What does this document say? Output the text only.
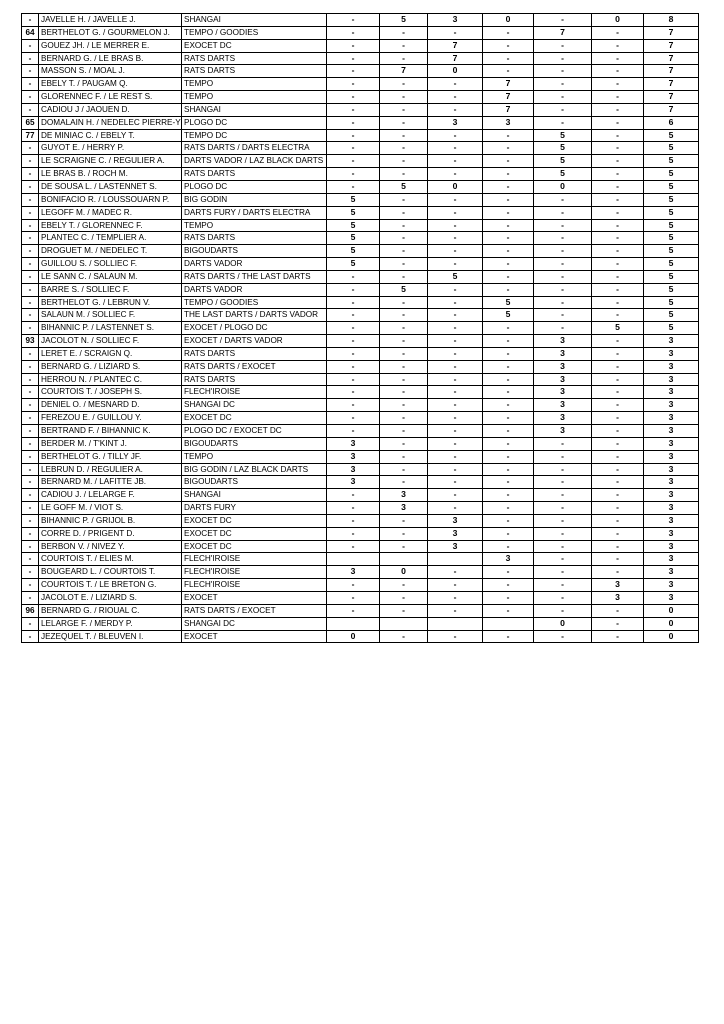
-	JAVELLE H. / JAVELLE J.	SHANGAI	-	5	3	0	-	0	8
64	BERTHELOT G. / GOURMELON J.	TEMPO / GOODIES	-	-	-	-	7	-	7
-	GOUEZ JH. / LE MERRER E.	EXOCET DC	-	-	7	-	-	-	7
-	BERNARD G. / LE BRAS B.	RATS DARTS	-	-	7	-	-	-	7
-	MASSON S. / MOAL J.	RATS DARTS	-	7	0	-	-	-	7
-	EBELY T. / PAUGAM Q.	TEMPO	-	-	-	7	-	-	7
-	GLORENNEC F. / LE REST S.	TEMPO	-	-	-	7	-	-	7
-	CADIOU J / JAOUEN D.	SHANGAI	-	-	-	7	-	-	7
65	DOMALAIN H. / NEDELEC PIERRE-Y	PLOGO DC	-	-	3	3	-	-	6
77	DE MINIAC C. / EBELY T.	TEMPO DC	-	-	-	-	5	-	5
-	GUYOT E. / HERRY P.	RATS DARTS / DARTS ELECTRA	-	-	-	-	5	-	5
-	LE SCRAIGNE C. / REGULIER A.	DARTS VADOR / LAZ BLACK DARTS	-	-	-	-	5	-	5
-	LE BRAS B. / ROCH M.	RATS DARTS	-	-	-	-	5	-	5
-	DE SOUSA L. / LASTENNET S.	PLOGO DC	-	5	0	-	0	-	5
-	BONIFACIO R. / LOUSSOUARN P.	BIG GODIN	5	-	-	-	-	-	5
-	LEGOFF M. / MADEC R.	DARTS FURY / DARTS ELECTRA	5	-	-	-	-	-	5
-	EBELY T. / GLORENNEC F.	TEMPO	5	-	-	-	-	-	5
-	PLANTEC C. / TEMPLIER A.	RATS DARTS	5	-	-	-	-	-	5
-	DROGUET M. / NEDELEC T.	BIGOUDARTS	5	-	-	-	-	-	5
-	GUILLOU S. / SOLLIEC F.	DARTS VADOR	5	-	-	-	-	-	5
-	LE SANN C. / SALAUN M.	RATS DARTS / THE LAST DARTS	-	-	5	-	-	-	5
-	BARRE S. / SOLLIEC F.	DARTS VADOR	-	5	-	-	-	-	5
-	BERTHELOT G. / LEBRUN V.	TEMPO / GOODIES	-	-	-	5	-	-	5
-	SALAUN M. / SOLLIEC F.	THE LAST DARTS / DARTS VADOR	-	-	-	5	-	-	5
-	BIHANNIC P. / LASTENNET S.	EXOCET / PLOGO DC	-	-	-	-	-	5	5
93	JACOLOT N. / SOLLIEC F.	EXOCET / DARTS VADOR	-	-	-	-	3	-	3
-	LERET E. / SCRAIGN Q.	RATS DARTS	-	-	-	-	3	-	3
-	BERNARD G. / LIZIARD S.	RATS DARTS / EXOCET	-	-	-	-	3	-	3
-	HERROU N. / PLANTEC C.	RATS DARTS	-	-	-	-	3	-	3
-	COURTOIS T. / JOSEPH S.	FLECH'IROISE	-	-	-	-	3	-	3
-	DENIEL O. / MESNARD D.	SHANGAI DC	-	-	-	-	3	-	3
-	FEREZOU E. / GUILLOU Y.	EXOCET DC	-	-	-	-	3	-	3
-	BERTRAND F. / BIHANNIC K.	PLOGO DC / EXOCET DC	-	-	-	-	3	-	3
-	BERDER M. / T'KINT J.	BIGOUDARTS	3	-	-	-	-	-	3
-	BERTHELOT G. / TILLY JF.	TEMPO	3	-	-	-	-	-	3
-	LEBRUN D. / REGULIER A.	BIG GODIN / LAZ BLACK DARTS	3	-	-	-	-	-	3
-	BERNARD M. / LAFITTE JB.	BIGOUDARTS	3	-	-	-	-	-	3
-	CADIOU J. / LELARGE F.	SHANGAI	-	3	-	-	-	-	3
-	LE GOFF M. / VIOT S.	DARTS FURY	-	3	-	-	-	-	3
-	BIHANNIC P. / GRIJOL B.	EXOCET DC	-	-	3	-	-	-	3
-	CORRE D. / PRIGENT D.	EXOCET DC	-	-	3	-	-	-	3
-	BERBON V. / NIVEZ Y.	EXOCET DC	-	-	3	-	-	-	3
-	COURTOIS T. / ELIES M.	FLECH'IROISE				3	-	-	3
-	BOUGEARD L. / COURTOIS T.	FLECH'IROISE	3	0	-	-	-	-	3
-	COURTOIS T. / LE BRETON G.	FLECH'IROISE	-	-	-	-	-	3	3
-	JACOLOT E. / LIZIARD S.	EXOCET	-	-	-	-	-	3	3
96	BERNARD G. / RIOUAL C.	RATS DARTS / EXOCET	-	-	-	-	-	-	0
-	LELARGE F. / MERDY P.	SHANGAI DC					0	-	0
-	JEZEQUEL T. / BLEUVEN I.	EXOCET	0	-	-	-	-	-	0
